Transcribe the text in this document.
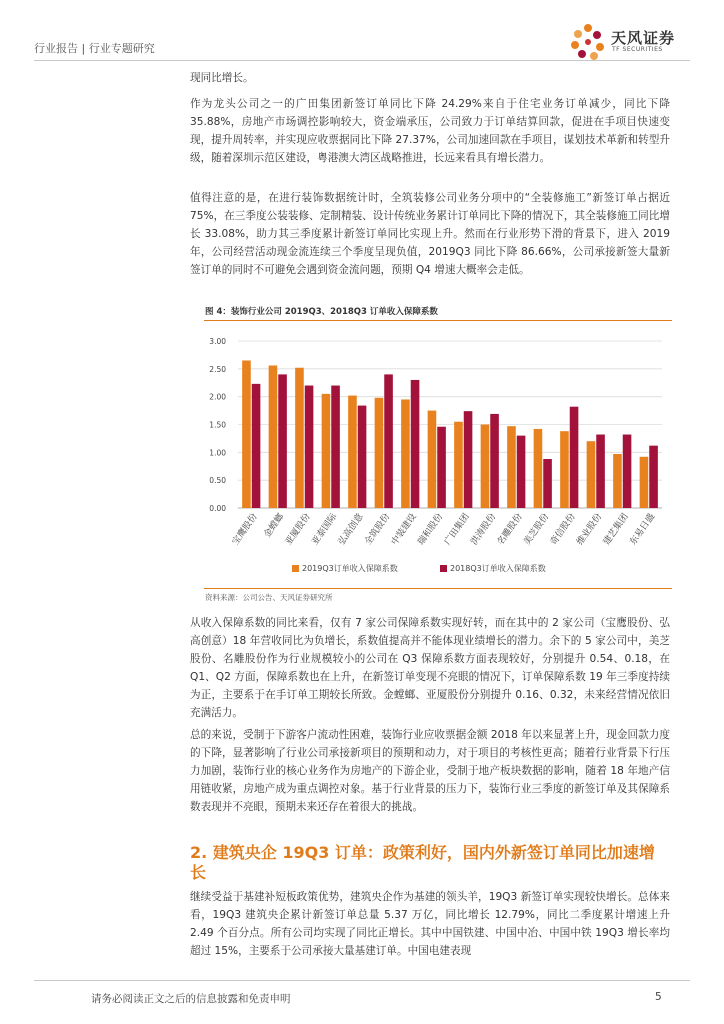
行业报告 | 行业专题研究
天风证券
TF SECURITIES
现同比增长。
作为龙头公司之一的广田集团新签订单同比下降 24.29%来自于住宅业务订单减少，同比下降 35.88%，房地产市场调控影响较大，资金端承压，公司致力于订单结算回款，促进在手项目快速变现，提升周转率，并实现应收票据同比下降 27.37%，公司加速回款在手项目，谋划技术革新和转型升级，随着深圳示范区建设，粤港澳大湾区战略推进，长远来看具有增长潜力。
值得注意的是，在进行装饰数据统计时，全筑装修公司业务分项中的“全装修施工”新签订单占据近 75%，在三季度公装装修、定制精装、设计传统业务累计订单同比下降的情况下，其全装修施工同比增长 33.08%，助力其三季度累计新签订单同比实现上升。然而在行业形势下滑的背景下，进入 2019 年，公司经营活动现金流连续三个季度呈现负值，2019Q3 同比下降 86.66%，公司承接新签大量新签订单的同时不可避免会遇到资金流问题，预期 Q4 增速大概率会走低。
图 4：装饰行业公司 2019Q3、2018Q3 订单收入保障系数
3.00
2.50
2.00
1.50
1.00
0.50
0.00
宝鹰股份 金螳螂
亚厦股份
亚泰国际
弘高创意
全筑股份
中装建设
瑞和股份
广田集团
洪涛股份
名雕股份
美芝股份
奇信股份
维业股份
建艺集团
东易日盛
2019Q3订单收入保障系数	2018Q3订单收入保障系数
资料来源：公司公告、天风证券研究所
从收入保障系数的同比来看，仅有 7 家公司保障系数实现好转，而在其中的 2 家公司（宝鹰股份、弘高创意）18 年营收同比为负增长，系数值提高并不能体现业绩增长的潜力。余下的 5 家公司中，美芝股份、名雕股份作为行业规模较小的公司在 Q3 保障系数方面表现较好，分别提升 0.54、0.18，在 Q1、Q2 方面，保障系数也在上升，在新签订单变现不亮眼的情况下，订单保障系数 19 年三季度持续为正，主要系于在手订单工期较长所致。金螳螂、亚厦股份分别提升 0.16、0.32，未来经营情况依旧充满活力。
总的来说，受制于下游客户流动性困难，装饰行业应收票据金额 2018 年以来显著上升，现金回款力度的下降，显著影响了行业公司承接新项目的预期和动力，对于项目的考核性更高；随着行业背景下行压力加剧，装饰行业的核心业务作为房地产的下游企业，受制于地产板块数据的影响，随着 18 年地产信用链收紧，房地产成为重点调控对象。基于行业背景的压力下，装饰行业三季度的新签订单及其保障系数表现并不亮眼，预期未来还存在着很大的挑战。
2. 建筑央企 19Q3 订单：政策利好，国内外新签订单同比加速增长
继续受益于基建补短板政策优势，建筑央企作为基建的领头羊，19Q3 新签订单实现较快增长。总体来看，19Q3 建筑央企累计新签订单总量 5.37 万亿，同比增长 12.79%，同比二季度累计增速上升 2.49 个百分点。所有公司均实现了同比正增长。其中中国铁建、中国中冶、中国中铁 19Q3 增长率均超过 15%，主要系于公司承接大量基建订单。中国电建表现
请务必阅读正文之后的信息披露和免责申明	5
